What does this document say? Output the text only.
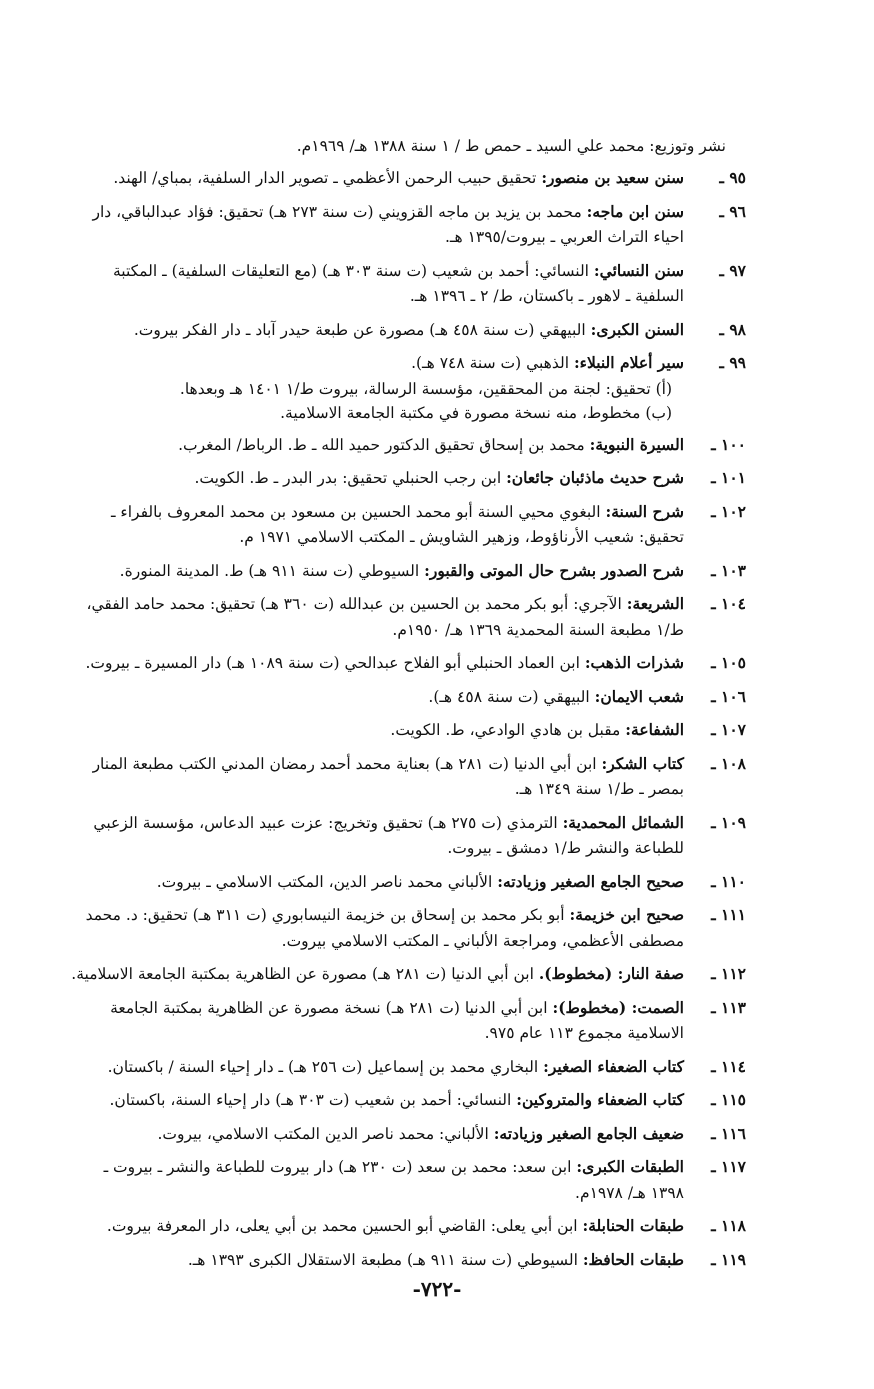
نشر وتوزيع: محمد علي السيد ـ حمص ط / ١ سنة ١٣٨٨ هـ/ ١٩٦٩م.
٩٥ ـ
سنن سعيد بن منصور: تحقيق حبيب الرحمن الأعظمي ـ تصوير الدار السلفية، بمباي/ الهند.
٩٦ ـ
سنن ابن ماجه: محمد بن يزيد بن ماجه القزويني (ت سنة ٢٧٣ هـ) تحقيق: فؤاد عبدالباقي، دار احياء التراث العربي ـ بيروت/١٣٩٥ هـ.
٩٧ ـ
سنن النسائي: النسائي: أحمد بن شعيب (ت سنة ٣٠٣ هـ) (مع التعليقات السلفية) ـ المكتبة السلفية ـ لاهور ـ باكستان، ط/ ٢ ـ ١٣٩٦ هـ.
٩٨ ـ
السنن الكبرى: البيهقي (ت سنة ٤٥٨ هـ) مصورة عن طبعة حيدر آباد ـ دار الفكر بيروت.
٩٩ ـ
سير أعلام النبلاء: الذهبي (ت سنة ٧٤٨ هـ).
(أ) تحقيق: لجنة من المحققين، مؤسسة الرسالة، بيروت ط/١ ١٤٠١ هـ وبعدها.
(ب) مخطوط، منه نسخة مصورة في مكتبة الجامعة الاسلامية.
١٠٠ ـ
السيرة النبوية: محمد بن إسحاق تحقيق الدكتور حميد الله ـ ط. الرباط/ المغرب.
١٠١ ـ
شرح حديث ماذئبان جائعان: ابن رجب الحنبلي تحقيق: بدر البدر ـ ط. الكويت.
١٠٢ ـ
شرح السنة: البغوي محيي السنة أبو محمد الحسين بن مسعود بن محمد المعروف بالفراء ـ تحقيق: شعيب الأرناؤوط، وزهير الشاويش ـ المكتب الاسلامي ١٩٧١ م.
١٠٣ ـ
شرح الصدور بشرح حال الموتى والقبور: السيوطي (ت سنة ٩١١ هـ) ط. المدينة المنورة.
١٠٤ ـ
الشريعة: الآجري: أبو بكر محمد بن الحسين بن عبدالله (ت ٣٦٠ هـ) تحقيق: محمد حامد الفقي، ط/١ مطبعة السنة المحمدية ١٣٦٩ هـ/ ١٩٥٠م.
١٠٥ ـ
شذرات الذهب: ابن العماد الحنبلي أبو الفلاح عبدالحي (ت سنة ١٠٨٩ هـ) دار المسيرة ـ بيروت.
١٠٦ ـ
شعب الايمان: البيهقي (ت سنة ٤٥٨ هـ).
١٠٧ ـ
الشفاعة: مقبل بن هادي الوادعي، ط. الكويت.
١٠٨ ـ
كتاب الشكر: ابن أبي الدنيا (ت ٢٨١ هـ) بعناية محمد أحمد رمضان المدني الكتب مطبعة المنار بمصر ـ ط/١ سنة ١٣٤٩ هـ.
١٠٩ ـ
الشمائل المحمدية: الترمذي (ت ٢٧٥ هـ) تحقيق وتخريج: عزت عبيد الدعاس، مؤسسة الزعبي للطباعة والنشر ط/١ دمشق ـ بيروت.
١١٠ ـ
صحيح الجامع الصغير وزيادته: الألباني محمد ناصر الدين، المكتب الاسلامي ـ بيروت.
١١١ ـ
صحيح ابن خزيمة: أبو بكر محمد بن إسحاق بن خزيمة النيسابوري (ت ٣١١ هـ) تحقيق: د. محمد مصطفى الأعظمي، ومراجعة الألباني ـ المكتب الاسلامي بيروت.
١١٢ ـ
صفة النار: (مخطوط). ابن أبي الدنيا (ت ٢٨١ هـ) مصورة عن الظاهرية بمكتبة الجامعة الاسلامية.
١١٣ ـ
الصمت: (مخطوط): ابن أبي الدنيا (ت ٢٨١ هـ) نسخة مصورة عن الظاهرية بمكتبة الجامعة الاسلامية مجموع ١١٣ عام ٩٧٥.
١١٤ ـ
كتاب الضعفاء الصغير: البخاري محمد بن إسماعيل (ت ٢٥٦ هـ) ـ دار إحياء السنة / باكستان.
١١٥ ـ
كتاب الضعفاء والمتروكين: النسائي: أحمد بن شعيب (ت ٣٠٣ هـ) دار إحياء السنة، باكستان.
١١٦ ـ
ضعيف الجامع الصغير وزيادته: الألباني: محمد ناصر الدين المكتب الاسلامي، بيروت.
١١٧ ـ
الطبقات الكبرى: ابن سعد: محمد بن سعد (ت ٢٣٠ هـ) دار بيروت للطباعة والنشر ـ بيروت ـ ١٣٩٨ هـ/ ١٩٧٨م.
١١٨ ـ
طبقات الحنابلة: ابن أبي يعلى: القاضي أبو الحسين محمد بن أبي يعلى، دار المعرفة بيروت.
١١٩ ـ
طبقات الحافظ: السيوطي (ت سنة ٩١١ هـ) مطبعة الاستقلال الكبرى ١٣٩٣ هـ.
-٧٢٢-
